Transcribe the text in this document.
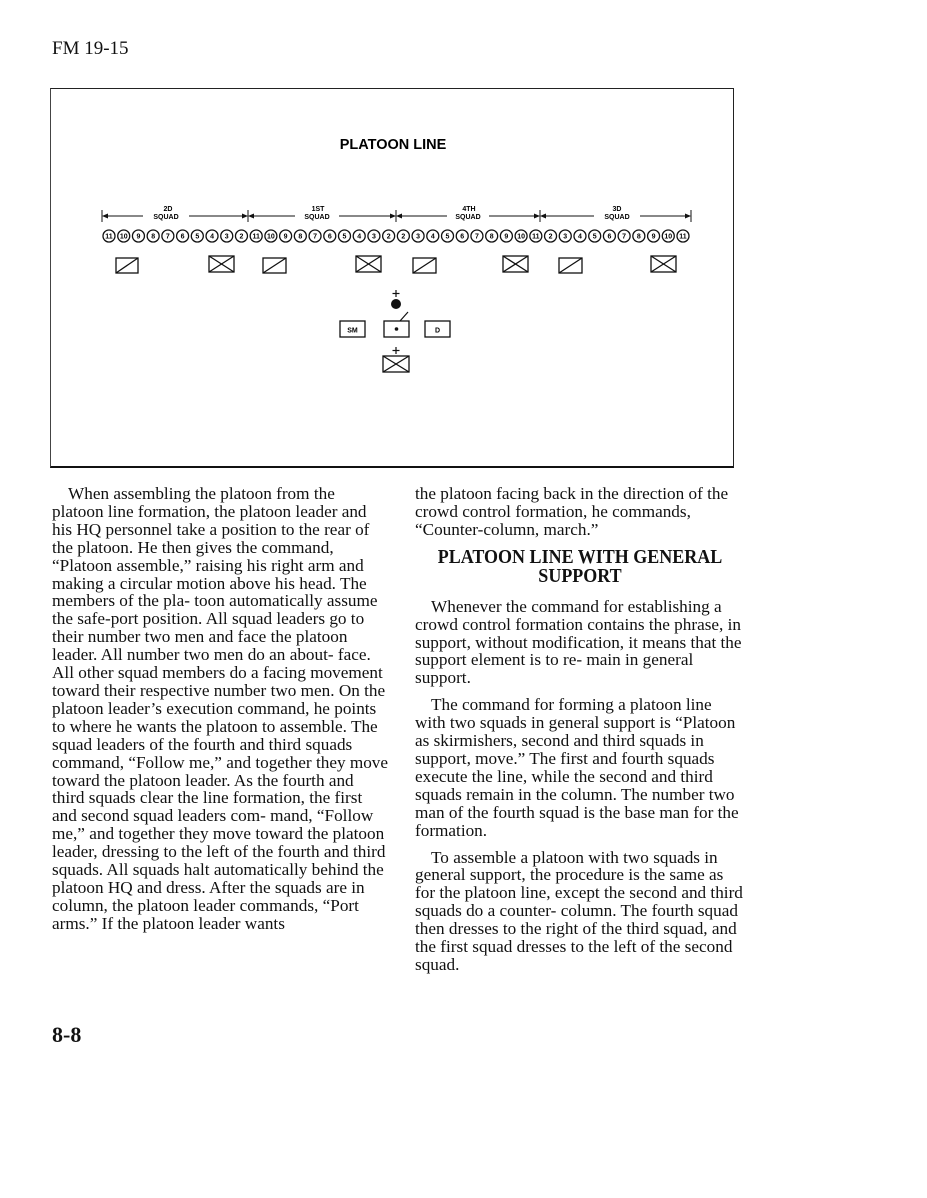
FM 19-15
PLATOON LINE
2D
SQUAD
1ST
SQUAD
4TH
SQUAD
3D
SQUAD
11 10 9 8 7 6 5 4 3 2 11 10 9 8 7 6 5 4 3 2 2 3 4 5 6 7 8 9 10 11 2 3 4 5 6 7 8 9 10 11
SM	D

When assembling the platoon from the platoon line formation, the platoon leader and his HQ personnel take a position to the rear of the platoon. He then gives the command, “Platoon assemble,” raising his right arm and making a circular motion above his head. The members of the pla- toon automatically assume the safe-port position. All squad leaders go to their number two men and face the platoon leader. All number two men do an about- face. All other squad members do a facing movement toward their respective number two men. On the platoon leader’s execution command, he points to where he wants the platoon to assemble. The squad leaders of the fourth and third squads command, “Follow me,” and together they move toward the platoon leader. As the fourth and third squads clear the line formation, the first and second squad leaders com- mand, “Follow me,” and together they move toward the platoon leader, dressing to the left of the fourth and third squads. All squads halt automatically behind the platoon HQ and dress. After the squads are in column, the platoon leader commands, “Port arms.” If the platoon leader wants

the platoon facing back in the direction of the crowd control formation, he commands, “Counter-column, march.”

PLATOON LINE WITH GENERAL SUPPORT

Whenever the command for establishing a crowd control formation contains the phrase, in support, without modification, it means that the support element is to re- main in general support.

The command for forming a platoon line with two squads in general support is “Platoon as skirmishers, second and third squads in support, move.” The first and fourth squads execute the line, while the second and third squads remain in the column. The number two man of the fourth squad is the base man for the formation.

To assemble a platoon with two squads in general support, the procedure is the same as for the platoon line, except the second and third squads do a counter- column. The fourth squad then dresses to the right of the third squad, and the first squad dresses to the left of the second squad.

8-8
